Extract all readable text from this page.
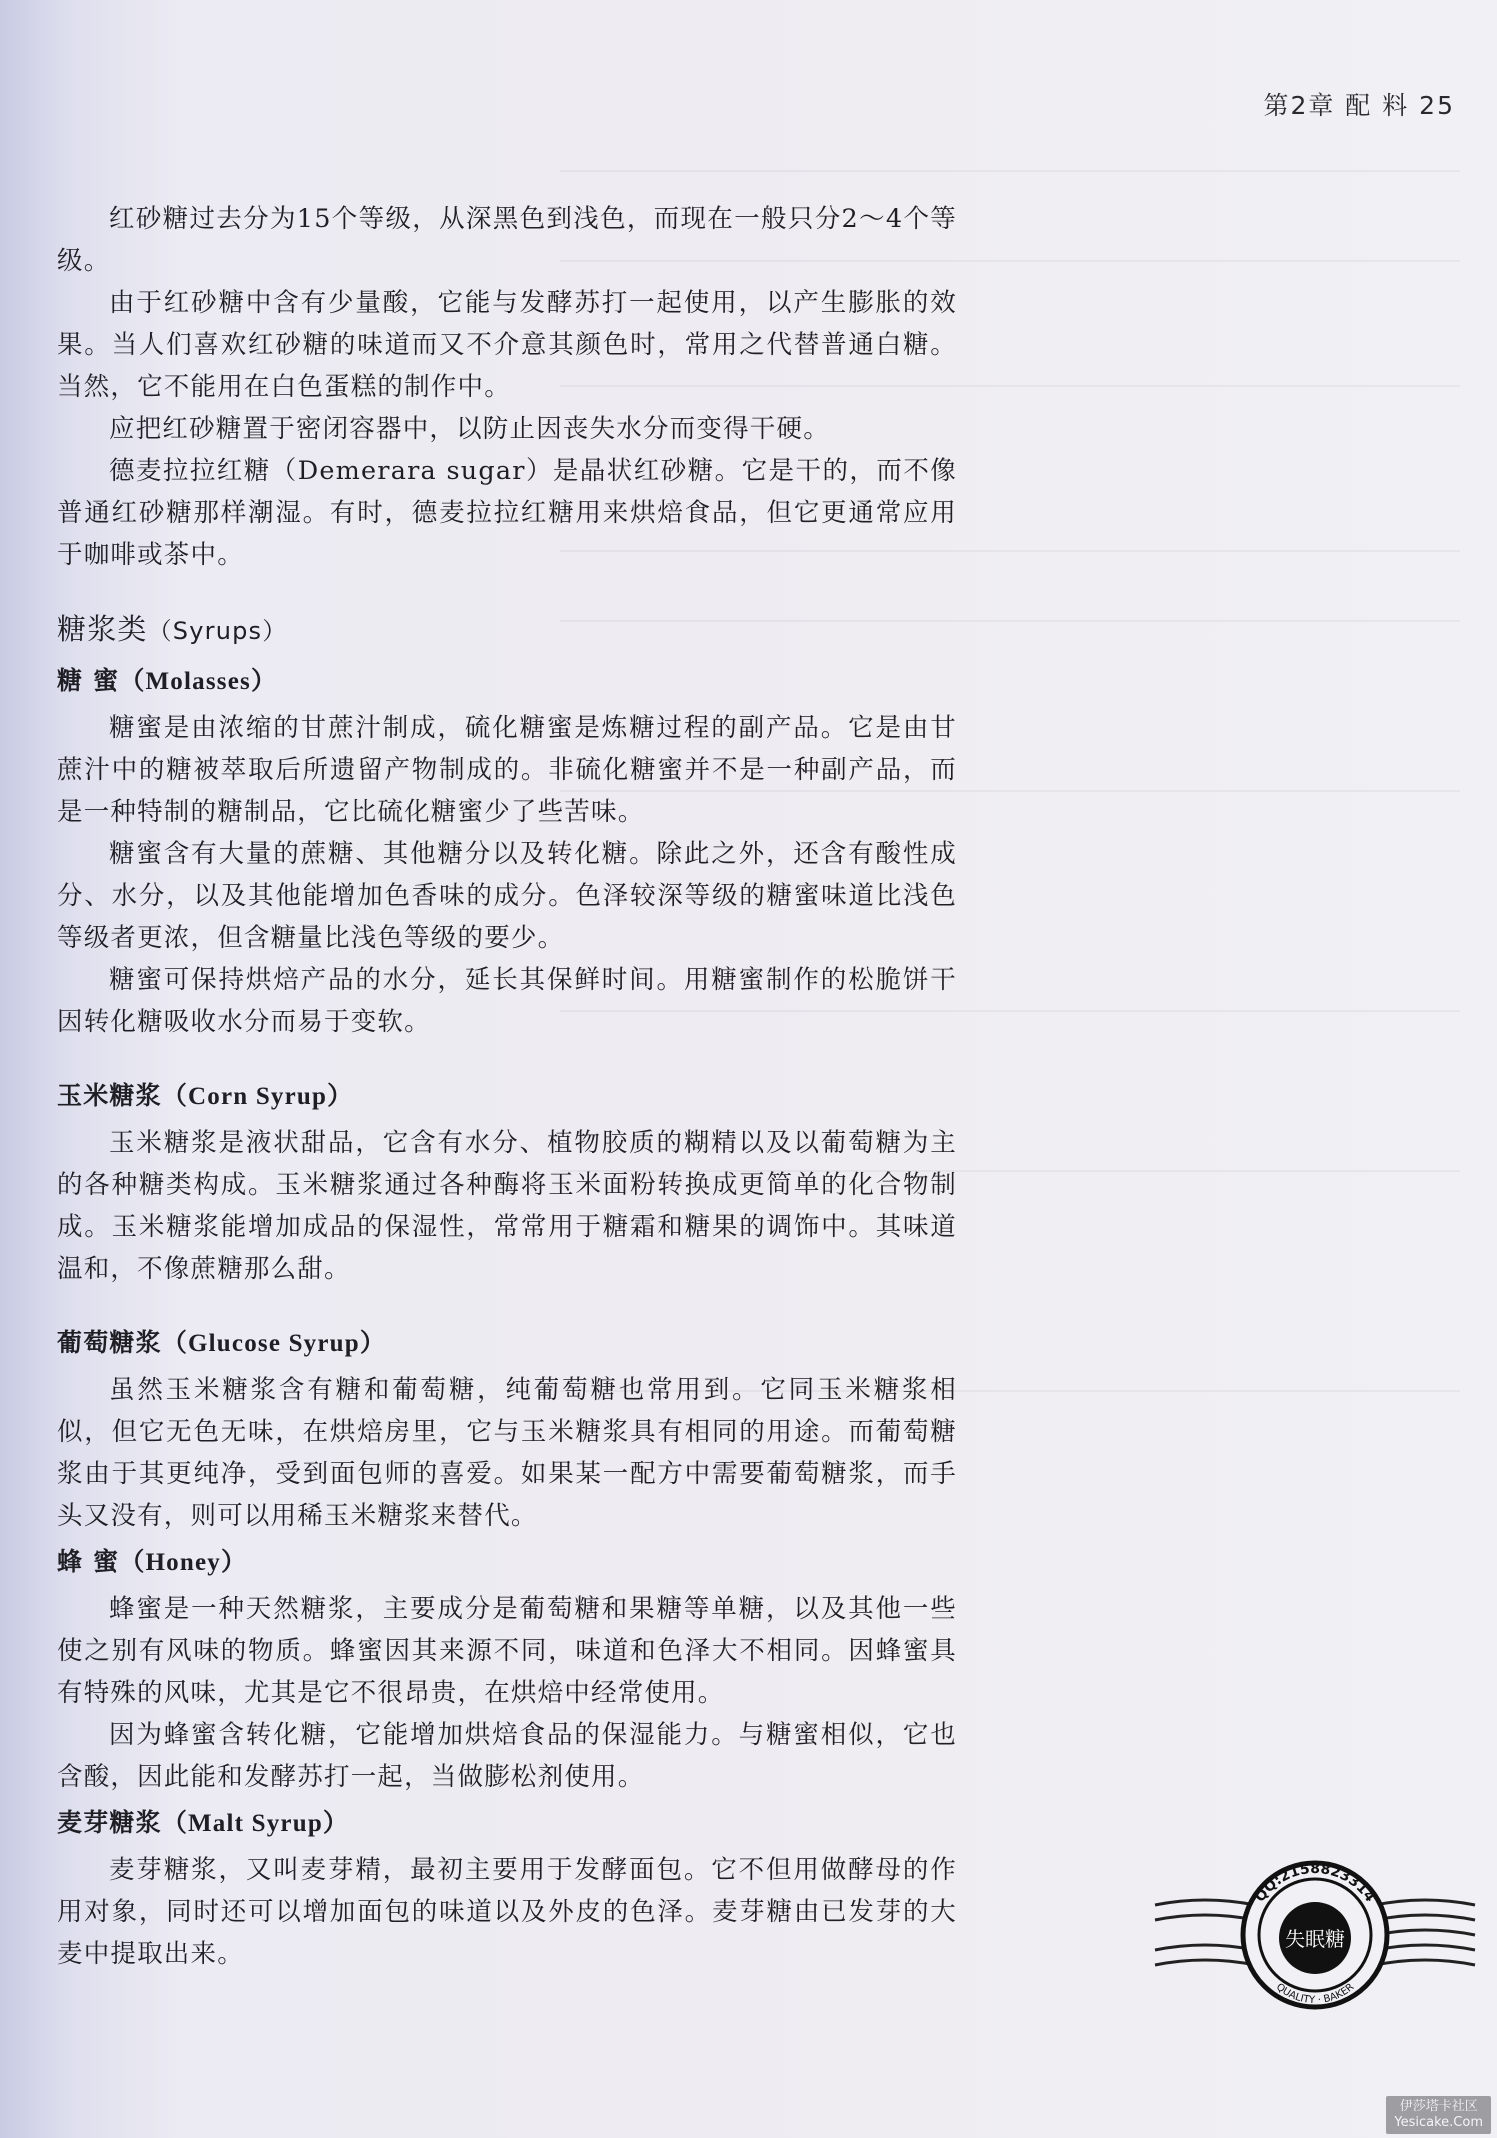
第2章 配 料 25

红砂糖过去分为15个等级，从深黑色到浅色，而现在一般只分2～4个等级。

由于红砂糖中含有少量酸，它能与发酵苏打一起使用，以产生膨胀的效果。当人们喜欢红砂糖的味道而又不介意其颜色时，常用之代替普通白糖。当然，它不能用在白色蛋糕的制作中。

应把红砂糖置于密闭容器中，以防止因丧失水分而变得干硬。

德麦拉拉红糖（Demerara sugar）是晶状红砂糖。它是干的，而不像普通红砂糖那样潮湿。有时，德麦拉拉红糖用来烘焙食品，但它更通常应用于咖啡或茶中。

糖浆类（Syrups）
糖 蜜（Molasses）

糖蜜是由浓缩的甘蔗汁制成，硫化糖蜜是炼糖过程的副产品。它是由甘蔗汁中的糖被萃取后所遗留产物制成的。非硫化糖蜜并不是一种副产品，而是一种特制的糖制品，它比硫化糖蜜少了些苦味。

糖蜜含有大量的蔗糖、其他糖分以及转化糖。除此之外，还含有酸性成分、水分，以及其他能增加色香味的成分。色泽较深等级的糖蜜味道比浅色等级者更浓，但含糖量比浅色等级的要少。

糖蜜可保持烘焙产品的水分，延长其保鲜时间。用糖蜜制作的松脆饼干因转化糖吸收水分而易于变软。

玉米糖浆（Corn Syrup）

玉米糖浆是液状甜品，它含有水分、植物胶质的糊精以及以葡萄糖为主的各种糖类构成。玉米糖浆通过各种酶将玉米面粉转换成更简单的化合物制成。玉米糖浆能增加成品的保湿性，常常用于糖霜和糖果的调饰中。其味道温和，不像蔗糖那么甜。

葡萄糖浆（Glucose Syrup）

虽然玉米糖浆含有糖和葡萄糖，纯葡萄糖也常用到。它同玉米糖浆相似，但它无色无味，在烘焙房里，它与玉米糖浆具有相同的用途。而葡萄糖浆由于其更纯净，受到面包师的喜爱。如果某一配方中需要葡萄糖浆，而手头又没有，则可以用稀玉米糖浆来替代。

蜂 蜜（Honey）

蜂蜜是一种天然糖浆，主要成分是葡萄糖和果糖等单糖，以及其他一些使之别有风味的物质。蜂蜜因其来源不同，味道和色泽大不相同。因蜂蜜具有特殊的风味，尤其是它不很昂贵，在烘焙中经常使用。

因为蜂蜜含转化糖，它能增加烘焙食品的保湿能力。与糖蜜相似，它也含酸，因此能和发酵苏打一起，当做膨松剂使用。

麦芽糖浆（Malt Syrup）

麦芽糖浆，又叫麦芽精，最初主要用于发酵面包。它不但用做酵母的作用对象，同时还可以增加面包的味道以及外皮的色泽。麦芽糖由已发芽的大麦中提取出来。

QQ:2158823314
QUALITY · BAKER
失眠糖
伊莎塔卡社区
Yesicake.Com
